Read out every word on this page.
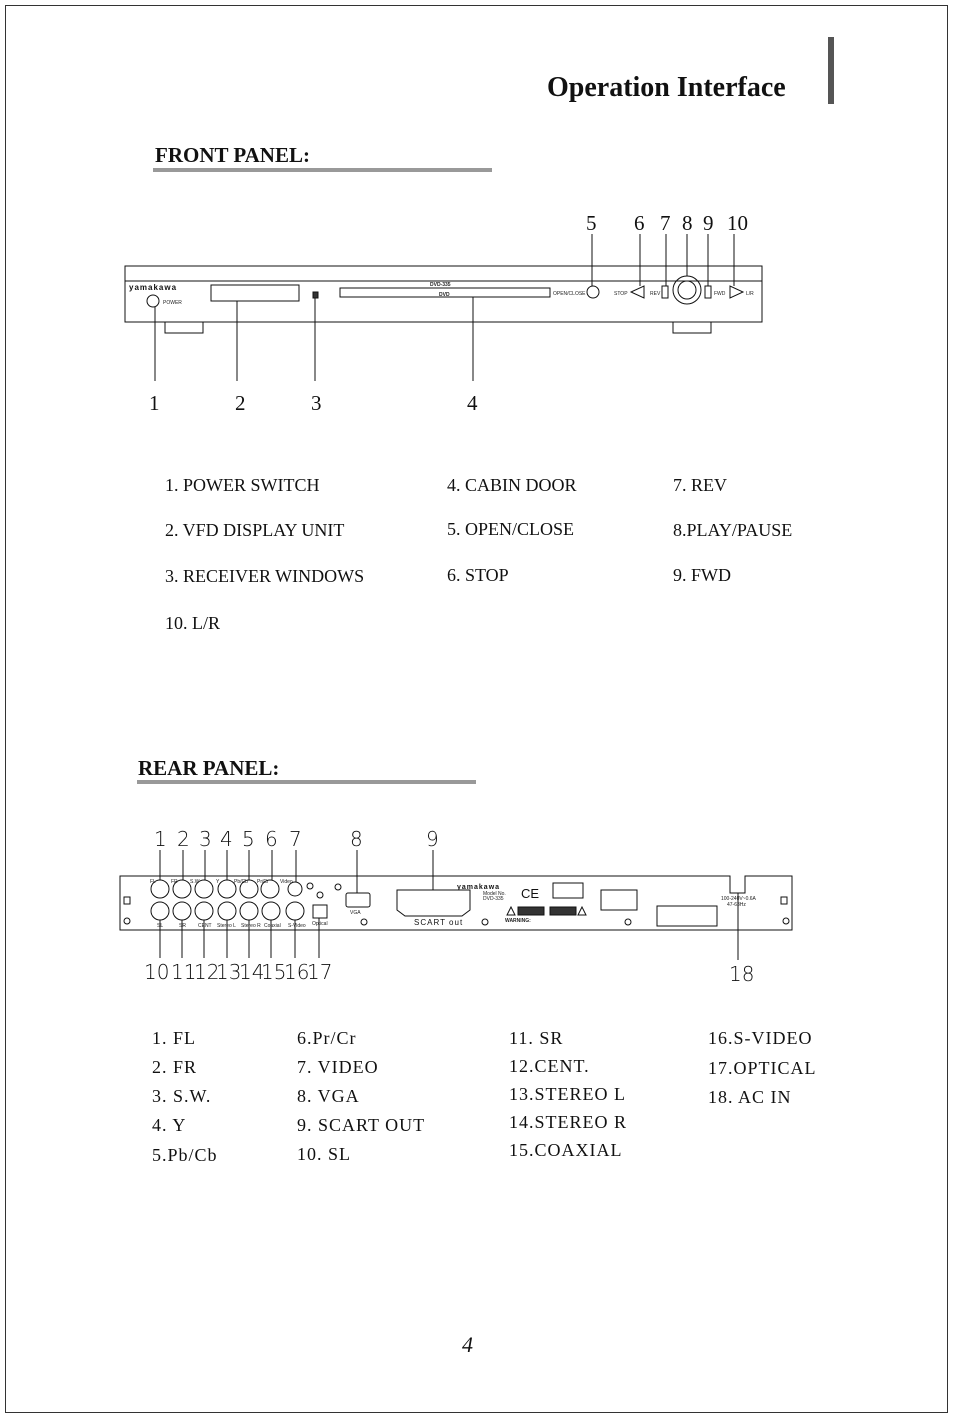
Operation Interface
FRONT PANEL:
5 6 7 8 9 10
1	2	3	4
yamakawa	DVD-335
DVD
POWER
OPEN/CLOSE	STOP	REV	FWD	L/R
1. POWER SWITCH
2. VFD DISPLAY UNIT
3. RECEIVER WINDOWS
10. L/R
4. CABIN DOOR
5. OPEN/CLOSE
6. STOP
7. REV
8.PLAY/PAUSE
9. FWD
REAR PANEL:
1 2 3 4 5 6 7 8	9
10 11
12
13
14
15
16
17	18
FL	FR S.W	Y	Pb/Cb Pr/Cr Video
SL	SR CENT Stereo L Stereo R Coaxial S-Video Optical
VGA
SCART out
yamakawa
Model No.
DVD-335 CE
WARNING:
100-240V~0.6A
47-63Hz
1. FL
2. FR
3. S.W.
4. Y
5.Pb/Cb
6.Pr/Cr
7. VIDEO
8. VGA
9. SCART OUT
10. SL
11. SR
12.CENT.
13.STEREO L
14.STEREO R
15.COAXIAL
16.S-VIDEO
17.OPTICAL
18. AC IN
4
